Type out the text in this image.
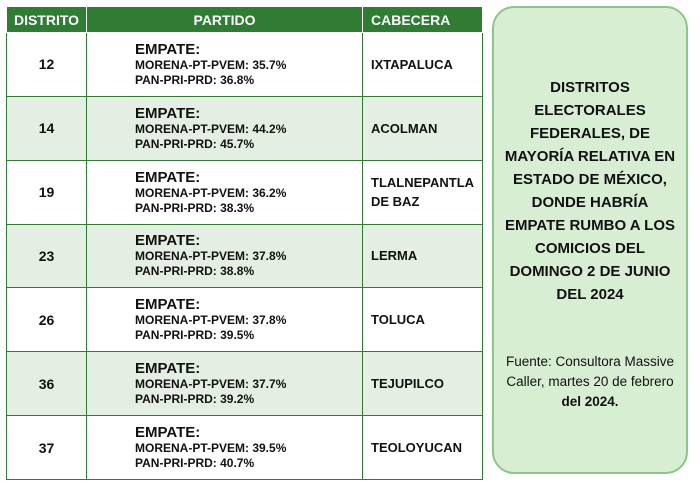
DISTRITO	PARTIDO	CABECERA
12	EMPATE:
MORENA-PT-PVEM: 35.7%
PAN-PRI-PRD: 36.8%	IXTAPALUCA

14	EMPATE:
MORENA-PT-PVEM: 44.2%
PAN-PRI-PRD: 45.7%	ACOLMAN

19	EMPATE:
MORENA-PT-PVEM: 36.2%
PAN-PRI-PRD: 38.3%	TLALNEPANTLA
DE BAZ

23	EMPATE:
MORENA-PT-PVEM: 37.8%
PAN-PRI-PRD: 38.8%	LERMA

26	EMPATE:
MORENA-PT-PVEM: 37.8%
PAN-PRI-PRD: 39.5%	TOLUCA

36	EMPATE:
MORENA-PT-PVEM: 37.7%
PAN-PRI-PRD: 39.2%	TEJUPILCO

37	EMPATE:
MORENA-PT-PVEM: 39.5%
PAN-PRI-PRD: 40.7%	TEOLOYUCAN
DISTRITOS ELECTORALES FEDERALES, DE MAYORÍA RELATIVA EN ESTADO DE MÉXICO, DONDE HABRÍA EMPATE RUMBO A LOS COMICIOS DEL DOMINGO 2 DE JUNIO DEL 2024
Fuente: Consultora Massive Caller, martes 20 de febrero del 2024.
